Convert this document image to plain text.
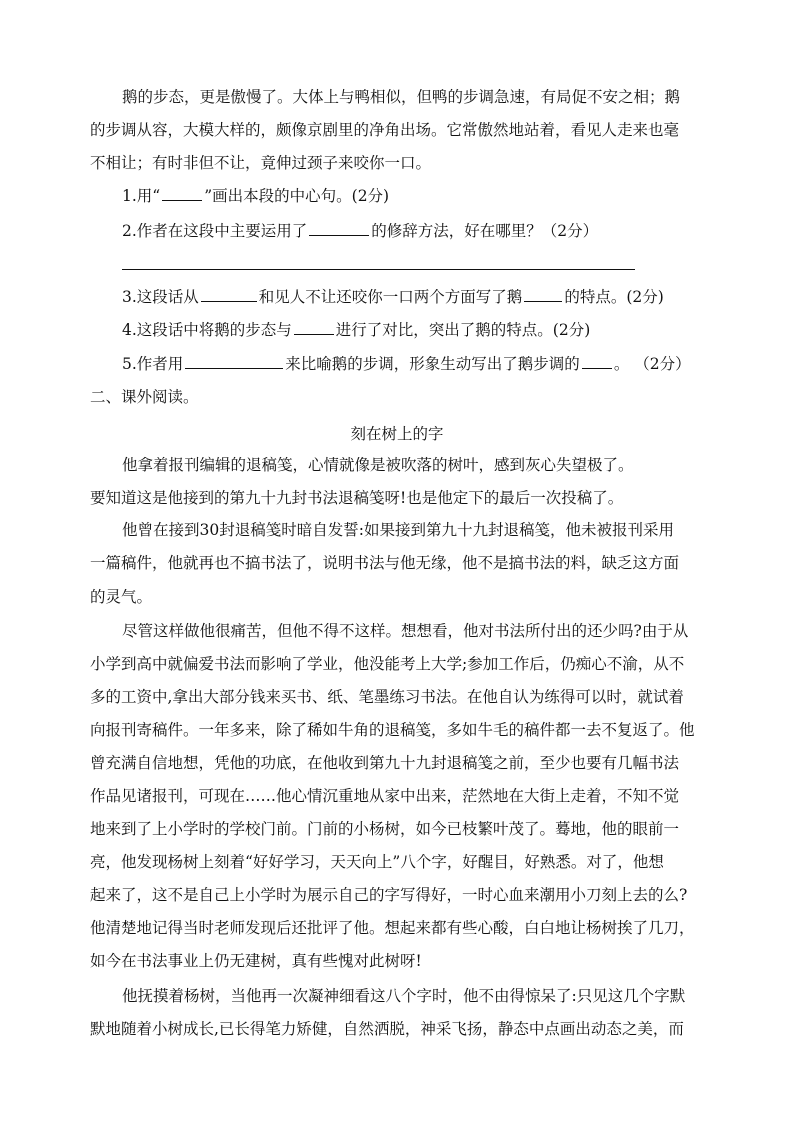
鹅的步态，更是傲慢了。大体上与鸭相似，但鸭的步调急速，有局促不安之相；鹅
的步调从容，大模大样的，颇像京剧里的净角出场。它常傲然地站着，看见人走来也毫
不相让；有时非但不让，竟伸过颈子来咬你一口。
1.用“	”画出本段的中心句。(2分)
2.作者在这段中主要运用了	的修辞方法，好在哪里？（2分）
3.这段话从	和见人不让还咬你一口两个方面写了鹅	的特点。(2分)
4.这段话中将鹅的步态与	进行了对比，突出了鹅的特点。(2分)
5.作者用	来比喻鹅的步调，形象生动写出了鹅步调的 。 （2分）
二、课外阅读。
刻在树上的字
他拿着报刊编辑的退稿笺，心情就像是被吹落的树叶，感到灰心失望极了。
要知道这是他接到的第九十九封书法退稿笺呀!也是他定下的最后一次投稿了。
他曾在接到30封退稿笺时暗自发誓:如果接到第九十九封退稿笺，他未被报刊采用
一篇稿件，他就再也不搞书法了，说明书法与他无缘，他不是搞书法的料，缺乏这方面
的灵气。
尽管这样做他很痛苦，但他不得不这样。想想看，他对书法所付出的还少吗?由于从
小学到高中就偏爱书法而影响了学业，他没能考上大学;参加工作后，仍痴心不渝，从不
多的工资中,拿出大部分钱来买书、纸、笔墨练习书法。在他自认为练得可以时，就试着
向报刊寄稿件。一年多来，除了稀如牛角的退稿笺，多如牛毛的稿件都一去不复返了。他
曾充满自信地想，凭他的功底，在他收到第九十九封退稿笺之前，至少也要有几幅书法
作品见诸报刊，可现在……他心情沉重地从家中出来，茫然地在大街上走着，不知不觉
地来到了上小学时的学校门前。门前的小杨树，如今已枝繁叶茂了。蓦地，他的眼前一
亮，他发现杨树上刻着“好好学习，天天向上”八个字，好醒目，好熟悉。对了，他想
起来了，这不是自己上小学时为展示自己的字写得好，一时心血来潮用小刀刻上去的么?
他清楚地记得当时老师发现后还批评了他。想起来都有些心酸，白白地让杨树挨了几刀，
如今在书法事业上仍无建树，真有些愧对此树呀!
他抚摸着杨树，当他再一次凝神细看这八个字时，他不由得惊呆了:只见这几个字默
默地随着小树成长,已长得笔力矫健，自然洒脱，神采飞扬，静态中点画出动态之美，而
